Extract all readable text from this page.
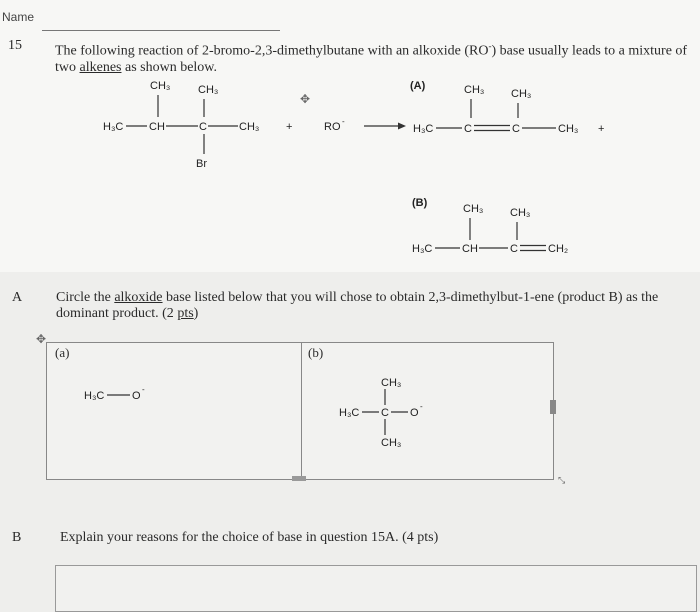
Name
15 The following reaction of 2-bromo-2,3-dimethylbutane with an alkoxide (RO-) base usually leads to a mixture of two alkenes as shown below.
CH₃	CH₃
H₃C CH	C	CH₃
Br
+	RO -
(A)	CH₃ CH₃
H₃C	C	C	CH₃ +
(B)	CH₃ CH₃
H₃C	CH	C	CH₂
✥
A Circle the alkoxide base listed below that you will chose to obtain 2,3-dimethylbut-1-ene (product B) as the dominant product. (2 pts)
✥
(a)	(b)
⤡
H₃C	O
-
CH₃
H₃C C O
-
CH₃
B	Explain your reasons for the choice of base in question 15A. (4 pts)
